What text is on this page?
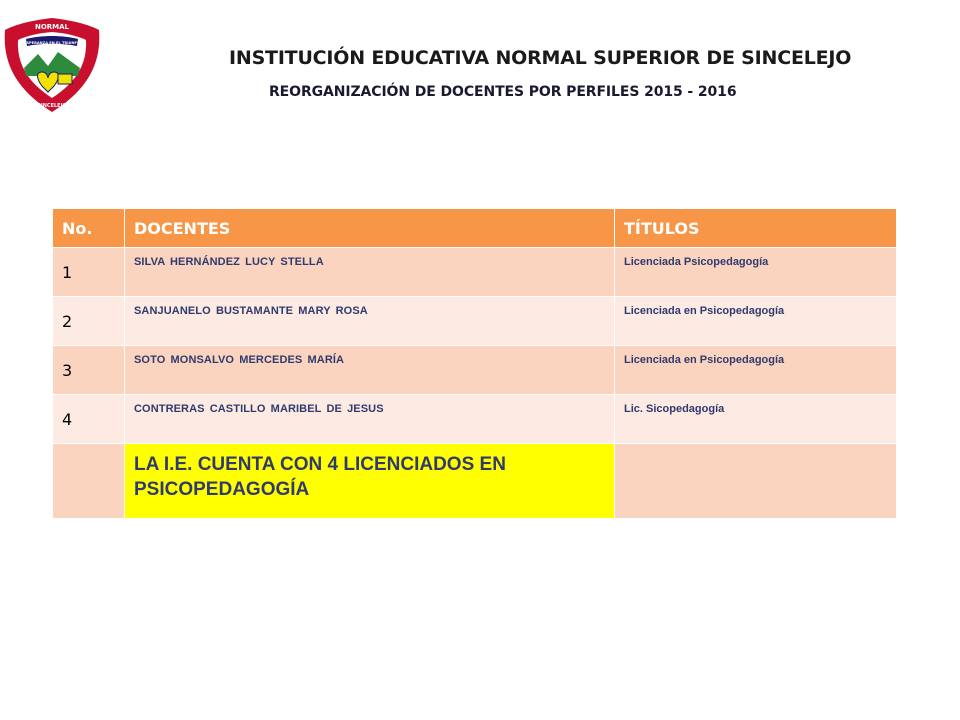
NORMAL
ESPERANZA EN EL TRIUNFO
SINCELEJO
INSTITUCIÓN EDUCATIVA NORMAL SUPERIOR DE SINCELEJO
REORGANIZACIÓN DE DOCENTES POR PERFILES 2015 - 2016
No.	DOCENTES	TÍTULOS
1	SILVA HERNÁNDEZ LUCY STELLA	Licenciada Psicopedagogía
2	SANJUANELO BUSTAMANTE MARY ROSA	Licenciada en Psicopedagogía
3	SOTO MONSALVO MERCEDES MARÍA	Licenciada en Psicopedagogía
4	CONTRERAS CASTILLO MARIBEL DE JESUS	Lic. Sicopedagogía
	LA I.E. CUENTA CON 4 LICENCIADOS EN PSICOPEDAGOGÍA	
